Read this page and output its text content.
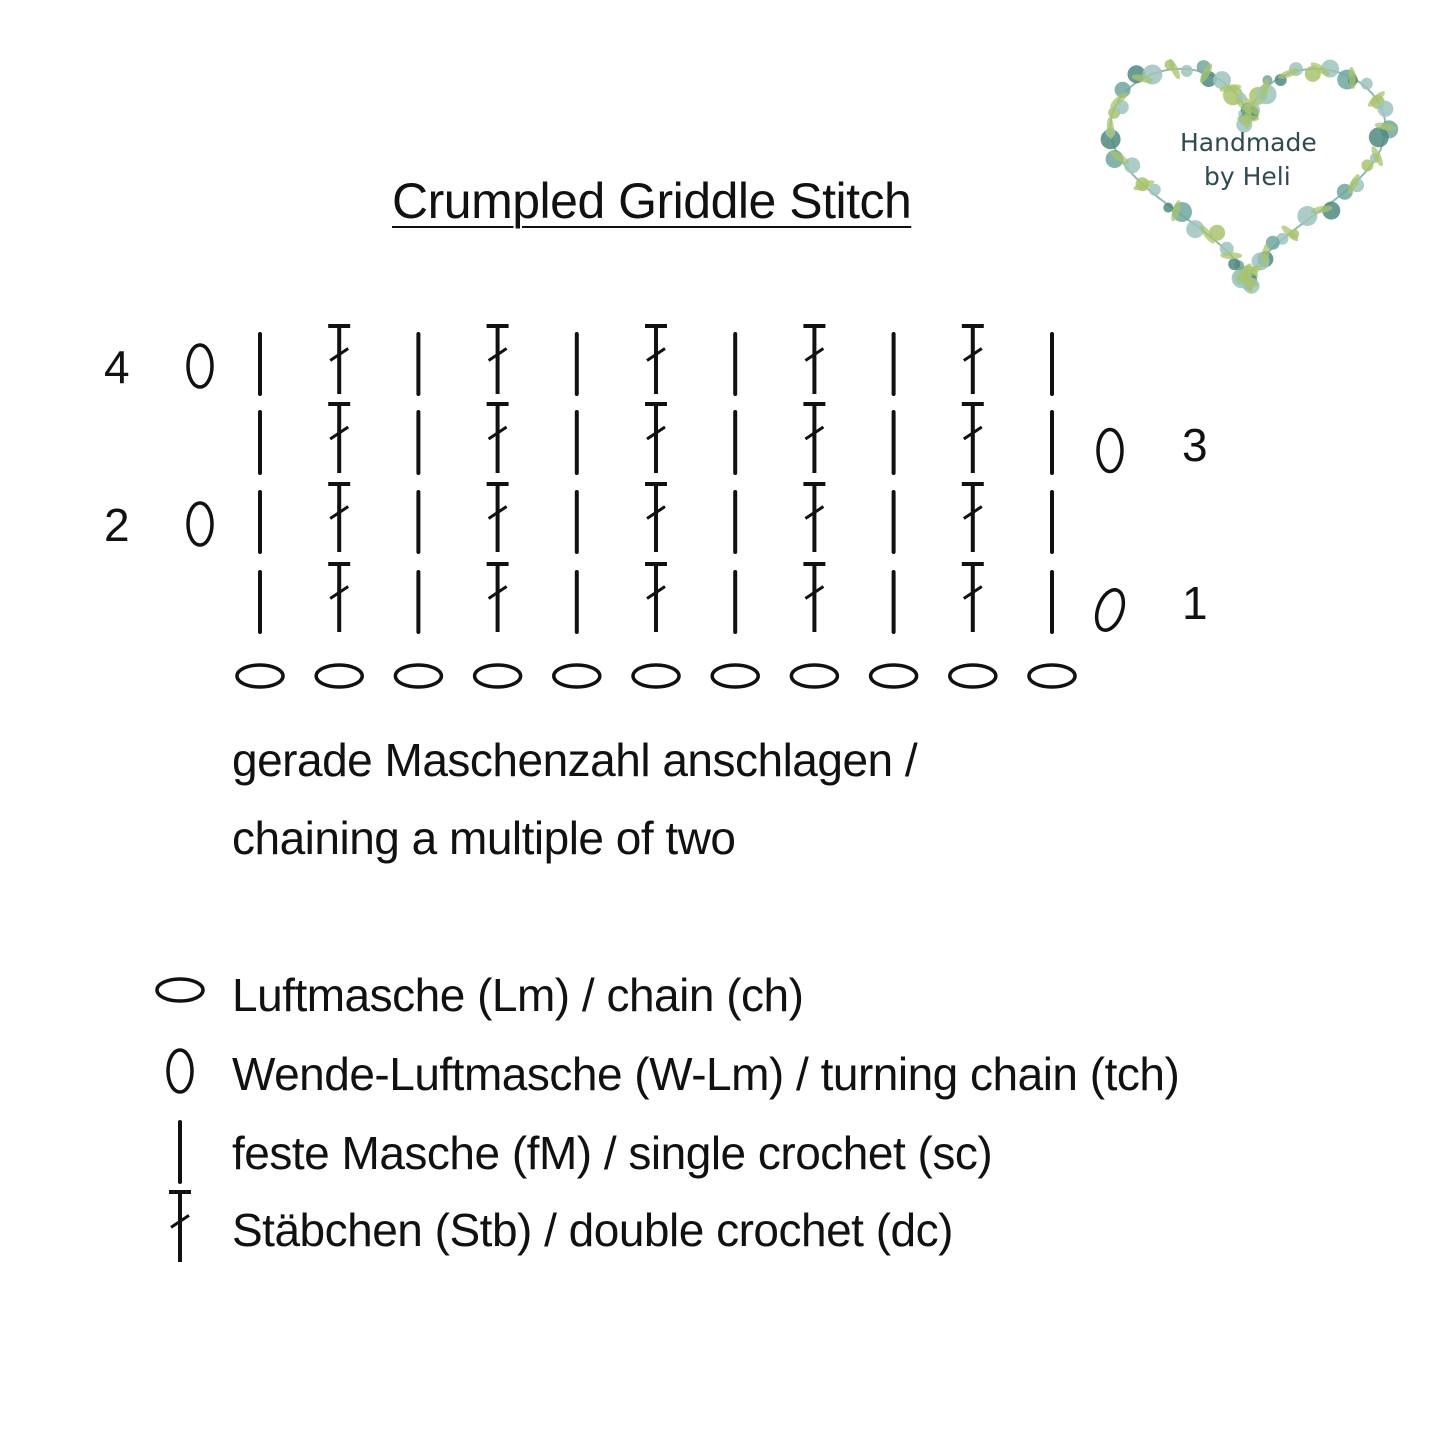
Handmade
by Heli
Crumpled Griddle Stitch
4
3
2
1
gerade Maschenzahl anschlagen /
chaining a multiple of two
Luftmasche (Lm) / chain (ch)
Wende-Luftmasche (W-Lm) / turning chain (tch)
feste Masche (fM) / single crochet (sc)
Stäbchen (Stb) / double crochet (dc)
